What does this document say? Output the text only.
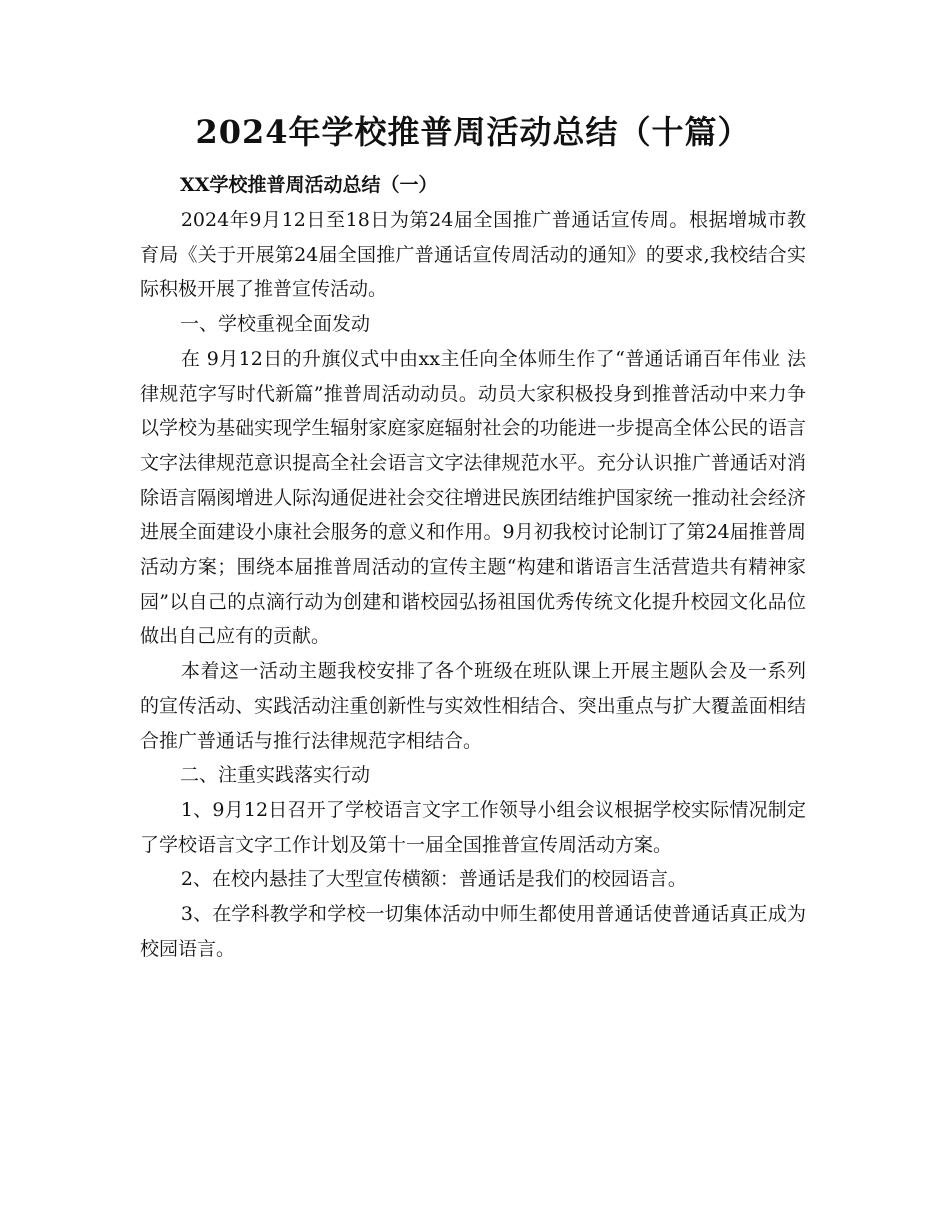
2024年学校推普周活动总结（十篇）
XX学校推普周活动总结（一）

2024年9月12日至18日为第24届全国推广普通话宣传周。根据增城市教育局《关于开展第24届全国推广普通话宣传周活动的通知》的要求,我校结合实际积极开展了推普宣传活动。

一、学校重视全面发动

在 9月12日的升旗仪式中由xx主任向全体师生作了“普通话诵百年伟业 法律规范字写时代新篇”推普周活动动员。动员大家积极投身到推普活动中来力争以学校为基础实现学生辐射家庭家庭辐射社会的功能进一步提高全体公民的语言文字法律规范意识提高全社会语言文字法律规范水平。充分认识推广普通话对消除语言隔阂增进人际沟通促进社会交往增进民族团结维护国家统一推动社会经济进展全面建设小康社会服务的意义和作用。9月初我校讨论制订了第24届推普周活动方案；围绕本届推普周活动的宣传主题“构建和谐语言生活营造共有精神家园”以自己的点滴行动为创建和谐校园弘扬祖国优秀传统文化提升校园文化品位做出自己应有的贡献。

本着这一活动主题我校安排了各个班级在班队课上开展主题队会及一系列的宣传活动、实践活动注重创新性与实效性相结合、突出重点与扩大覆盖面相结合推广普通话与推行法律规范字相结合。

二、注重实践落实行动

1、9月12日召开了学校语言文字工作领导小组会议根据学校实际情况制定了学校语言文字工作计划及第十一届全国推普宣传周活动方案。

2、在校内悬挂了大型宣传横额：普通话是我们的校园语言。

3、在学科教学和学校一切集体活动中师生都使用普通话使普通话真正成为校园语言。
